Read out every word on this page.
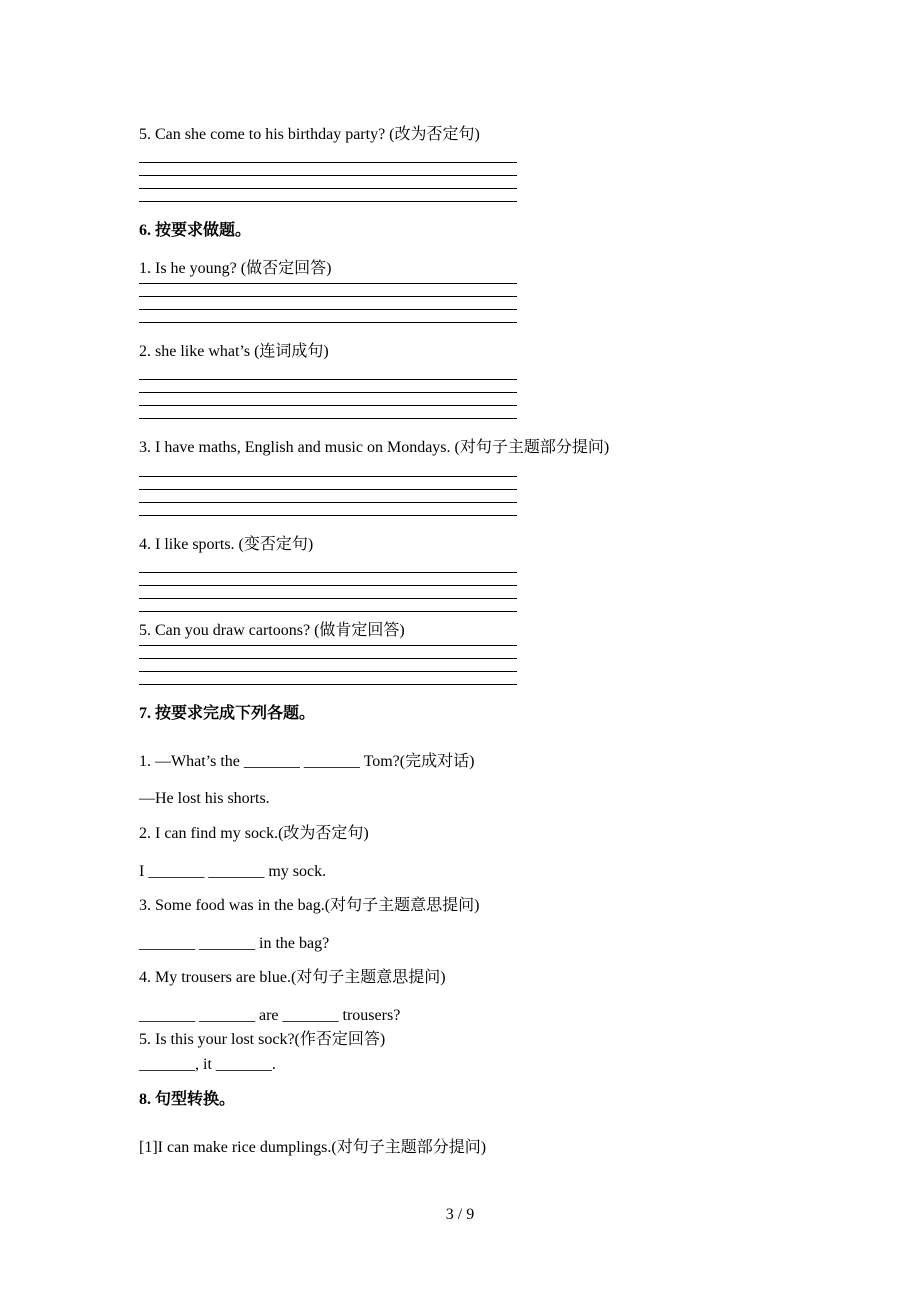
5. Can she come to his birthday party? (改为否定句)
6. 按要求做题。
1. Is he young? (做否定回答)
2. she like what’s (连词成句)
3. I have maths, English and music on Mondays. (对句子主题部分提问)
4. I like sports. (变否定句)
5. Can you draw cartoons? (做肯定回答)
7. 按要求完成下列各题。
1. —What’s the _______ _______ Tom?(完成对话)
—He lost his shorts.
2. I can find my sock.(改为否定句)
I _______ _______ my sock.
3. Some food was in the bag.(对句子主题意思提问)
_______ _______ in the bag?
4. My trousers are blue.(对句子主题意思提问)
_______ _______ are _______ trousers?
5. Is this your lost sock?(作否定回答)
_______, it _______.
8. 句型转换。
[1]I can make rice dumplings.(对句子主题部分提问)
3 / 9
